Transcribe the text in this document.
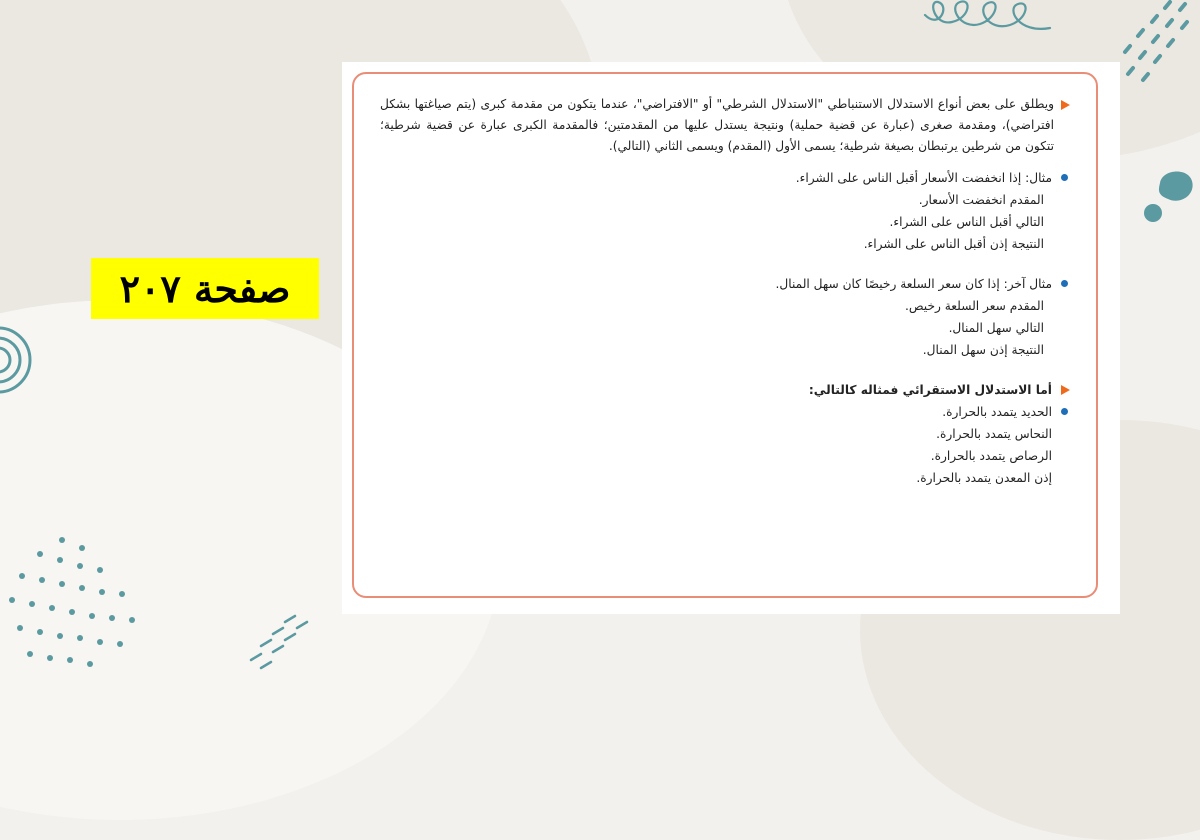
صفحة ٢٠٧

ويطلق على بعض أنواع الاستدلال الاستنباطي "الاستدلال الشرطي" أو "الافتراضي"، عندما يتكون من مقدمة كبرى (يتم صياغتها بشكل افتراضي)، ومقدمة صغرى (عبارة عن قضية حملية) ونتيجة يستدل عليها من المقدمتين؛ فالمقدمة الكبرى عبارة عن قضية شرطية؛ تتكون من شرطين يرتبطان بصيغة شرطية؛ يسمى الأول (المقدم) ويسمى الثاني (التالي).

مثال: إذا انخفضت الأسعار أقبل الناس على الشراء.

المقدم انخفضت الأسعار.

التالي أقبل الناس على الشراء.

النتيجة إذن أقبل الناس على الشراء.

مثال آخر: إذا كان سعر السلعة رخيصًا كان سهل المنال.

المقدم سعر السلعة رخيص.

التالي سهل المنال.

النتيجة إذن سهل المنال.

أما الاستدلال الاستقرائي فمثاله كالتالي:

الحديد يتمدد بالحرارة.

النحاس يتمدد بالحرارة.

الرصاص يتمدد بالحرارة.

إذن المعدن يتمدد بالحرارة.
